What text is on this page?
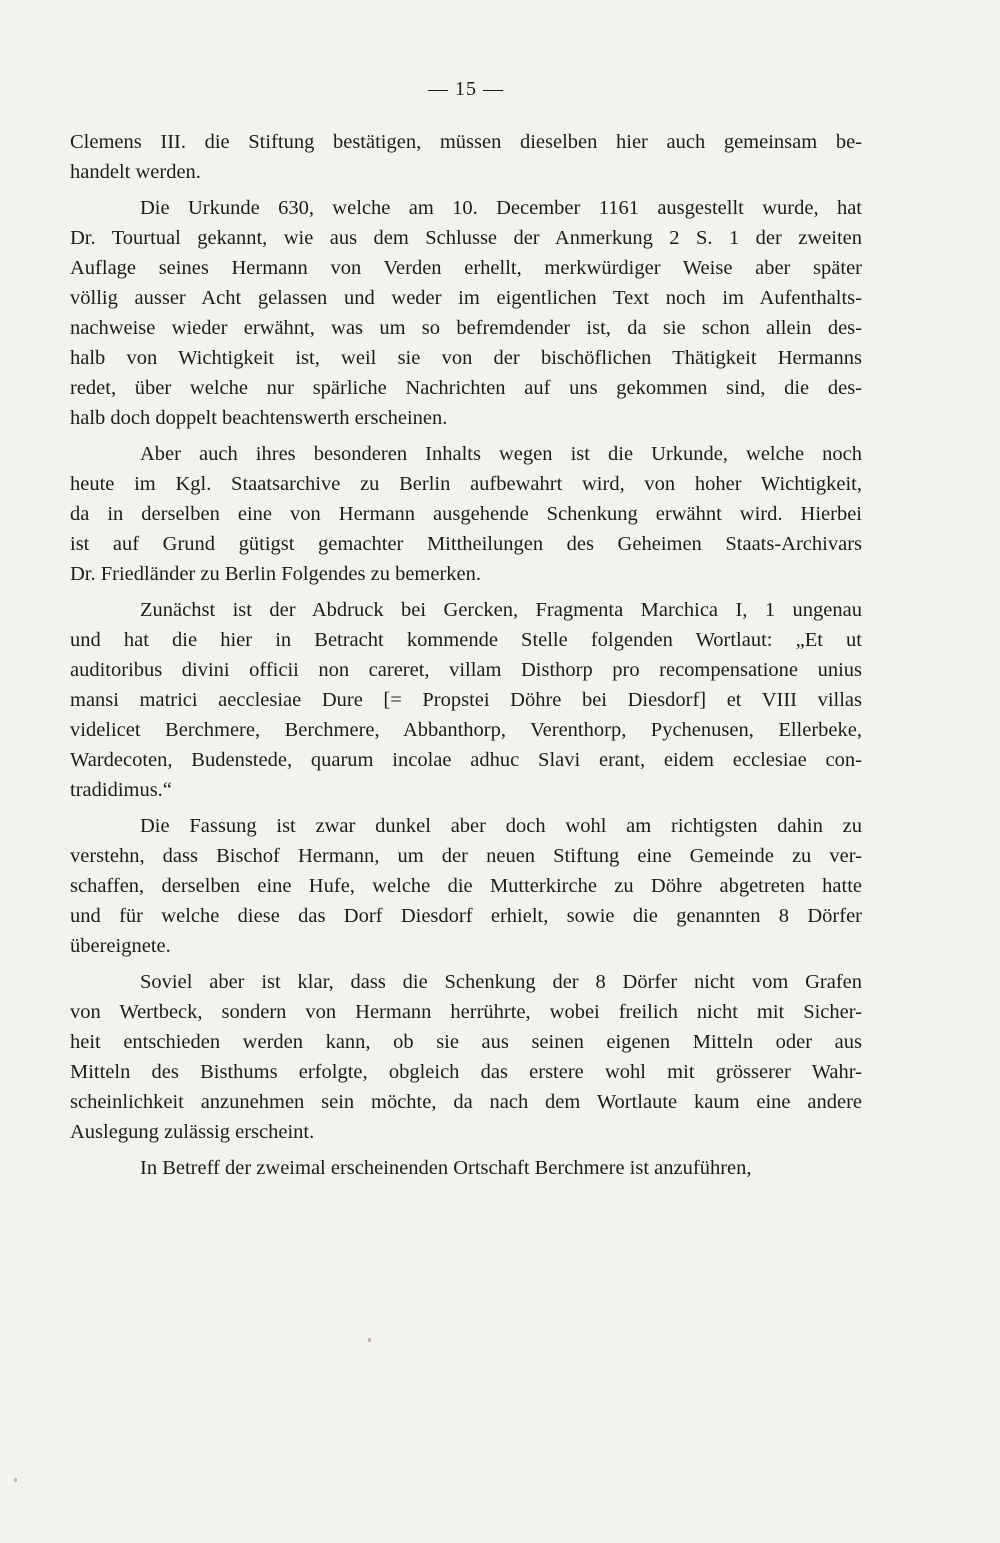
— 15 —

Clemens III. die Stiftung bestätigen, müssen dieselben hier auch gemeinsam be-
handelt werden.

Die Urkunde 630, welche am 10. December 1161 ausgestellt wurde, hat
Dr. Tourtual gekannt, wie aus dem Schlusse der Anmerkung 2 S. 1 der zweiten
Auflage seines Hermann von Verden erhellt, merkwürdiger Weise aber später
völlig ausser Acht gelassen und weder im eigentlichen Text noch im Aufenthalts-
nachweise wieder erwähnt, was um so befremdender ist, da sie schon allein des-
halb von Wichtigkeit ist, weil sie von der bischöflichen Thätigkeit Hermanns
redet, über welche nur spärliche Nachrichten auf uns gekommen sind, die des-
halb doch doppelt beachtenswerth erscheinen.

Aber auch ihres besonderen Inhalts wegen ist die Urkunde, welche noch
heute im Kgl. Staatsarchive zu Berlin aufbewahrt wird, von hoher Wichtigkeit,
da in derselben eine von Hermann ausgehende Schenkung erwähnt wird. Hierbei
ist auf Grund gütigst gemachter Mittheilungen des Geheimen Staats-Archivars
Dr. Friedländer zu Berlin Folgendes zu bemerken.

Zunächst ist der Abdruck bei Gercken, Fragmenta Marchica I, 1 ungenau
und hat die hier in Betracht kommende Stelle folgenden Wortlaut: „Et ut
auditoribus divini officii non careret, villam Disthorp pro recompensatione unius
mansi matrici aecclesiae Dure [= Propstei Döhre bei Diesdorf] et VIII villas
videlicet Berchmere, Berchmere, Abbanthorp, Verenthorp, Pychenusen, Ellerbeke,
Wardecoten, Budenstede, quarum incolae adhuc Slavi erant, eidem ecclesiae con-
tradidimus.“

Die Fassung ist zwar dunkel aber doch wohl am richtigsten dahin zu
verstehn, dass Bischof Hermann, um der neuen Stiftung eine Gemeinde zu ver-
schaffen, derselben eine Hufe, welche die Mutterkirche zu Döhre abgetreten hatte
und für welche diese das Dorf Diesdorf erhielt, sowie die genannten 8 Dörfer
übereignete.

Soviel aber ist klar, dass die Schenkung der 8 Dörfer nicht vom Grafen
von Wertbeck, sondern von Hermann herrührte, wobei freilich nicht mit Sicher-
heit entschieden werden kann, ob sie aus seinen eigenen Mitteln oder aus
Mitteln des Bisthums erfolgte, obgleich das erstere wohl mit grösserer Wahr-
scheinlichkeit anzunehmen sein möchte, da nach dem Wortlaute kaum eine andere
Auslegung zulässig erscheint.

In Betreff der zweimal erscheinenden Ortschaft Berchmere ist anzuführen,
